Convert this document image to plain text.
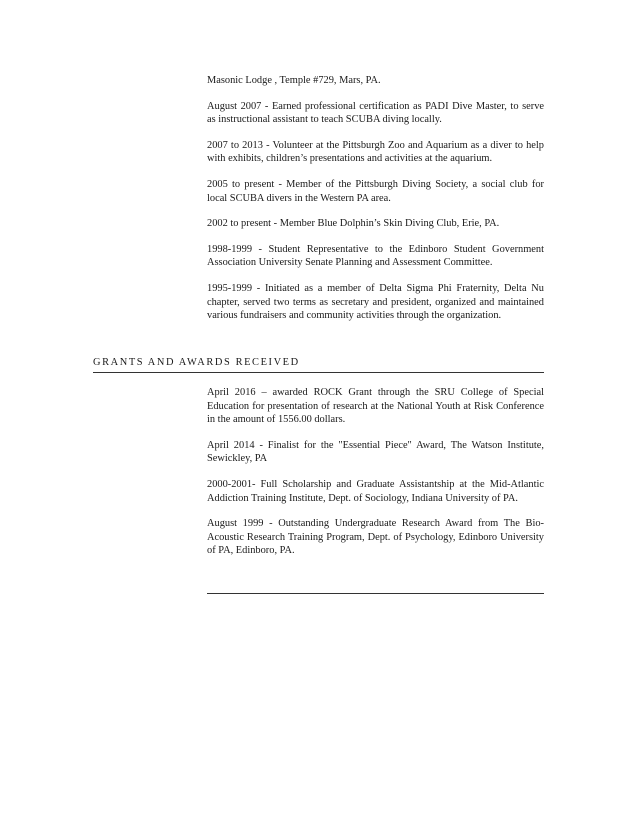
Masonic Lodge , Temple #729, Mars, PA.

August 2007 - Earned professional certification as PADI Dive Master, to serve as instructional assistant to teach SCUBA diving locally.

2007 to 2013 - Volunteer at the Pittsburgh Zoo and Aquarium as a diver to help with exhibits, children’s presentations and activities at the aquarium.

2005 to present - Member of the Pittsburgh Diving Society, a social club for local SCUBA divers in the Western PA area.

2002 to present - Member Blue Dolphin’s Skin Diving Club, Erie, PA.

1998-1999 - Student Representative to the Edinboro Student Government Association University Senate Planning and Assessment Committee.

1995-1999 - Initiated as a member of Delta Sigma Phi Fraternity, Delta Nu chapter, served two terms as secretary and president, organized and maintained various fundraisers and community activities through the organization.

GRANTS AND AWARDS RECEIVED

April 2016 – awarded ROCK Grant through the SRU College of Special Education for presentation of research at the National Youth at Risk Conference in the amount of 1556.00 dollars.

April 2014 - Finalist for the "Essential Piece" Award, The Watson Institute, Sewickley, PA

2000-2001- Full Scholarship and Graduate Assistantship at the Mid-Atlantic Addiction Training Institute, Dept. of Sociology, Indiana University of PA.

August 1999 - Outstanding Undergraduate Research Award from The Bio-Acoustic Research Training Program, Dept. of Psychology, Edinboro University of PA, Edinboro, PA.
